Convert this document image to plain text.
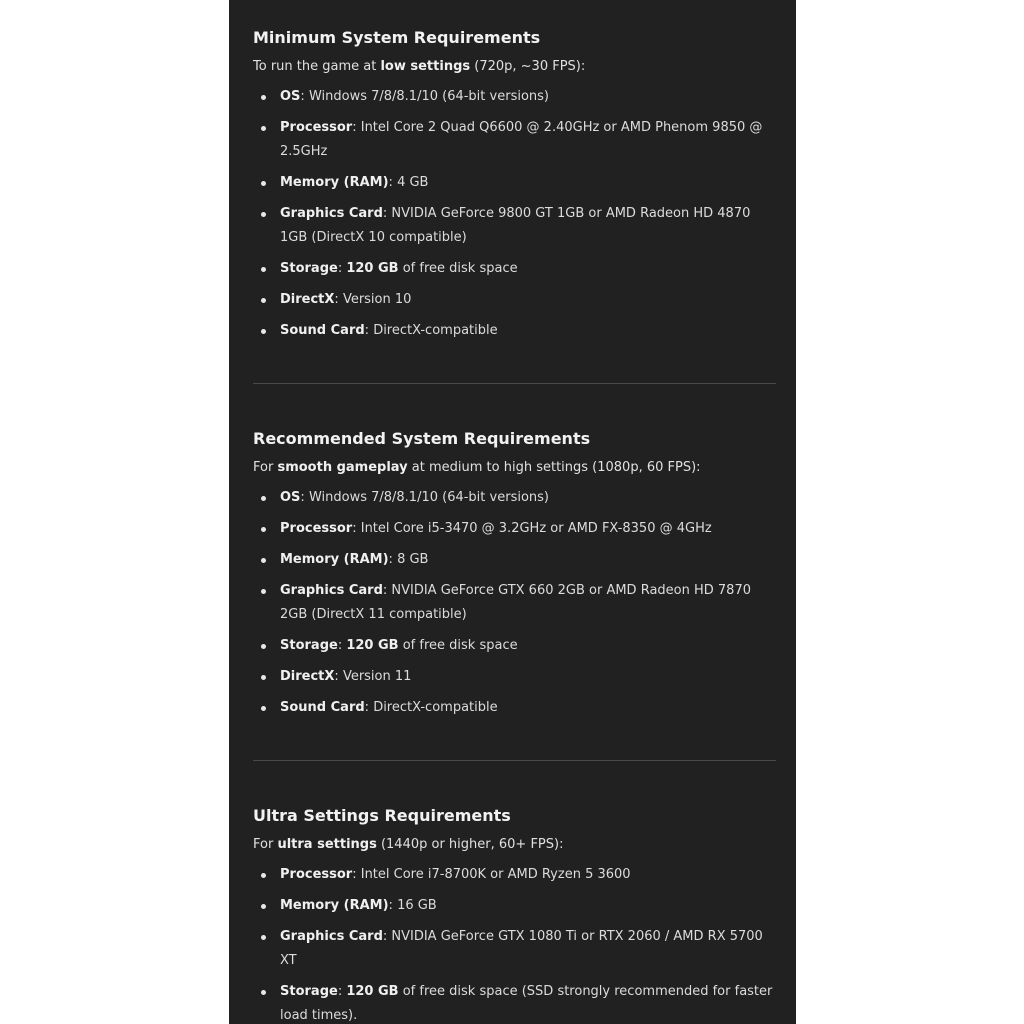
Minimum System Requirements

To run the game at low settings (720p, ~30 FPS):

OS: Windows 7/8/8.1/10 (64-bit versions)
Processor: Intel Core 2 Quad Q6600 @ 2.40GHz or AMD Phenom 9850 @ 2.5GHz
Memory (RAM): 4 GB
Graphics Card: NVIDIA GeForce 9800 GT 1GB or AMD Radeon HD 4870 1GB (DirectX 10 compatible)
Storage: 120 GB of free disk space
DirectX: Version 10
Sound Card: DirectX-compatible
Recommended System Requirements

For smooth gameplay at medium to high settings (1080p, 60 FPS):

OS: Windows 7/8/8.1/10 (64-bit versions)
Processor: Intel Core i5-3470 @ 3.2GHz or AMD FX-8350 @ 4GHz
Memory (RAM): 8 GB
Graphics Card: NVIDIA GeForce GTX 660 2GB or AMD Radeon HD 7870 2GB (DirectX 11 compatible)
Storage: 120 GB of free disk space
DirectX: Version 11
Sound Card: DirectX-compatible
Ultra Settings Requirements

For ultra settings (1440p or higher, 60+ FPS):

Processor: Intel Core i7-8700K or AMD Ryzen 5 3600
Memory (RAM): 16 GB
Graphics Card: NVIDIA GeForce GTX 1080 Ti or RTX 2060 / AMD RX 5700 XT
Storage: 120 GB of free disk space (SSD strongly recommended for faster load times).
